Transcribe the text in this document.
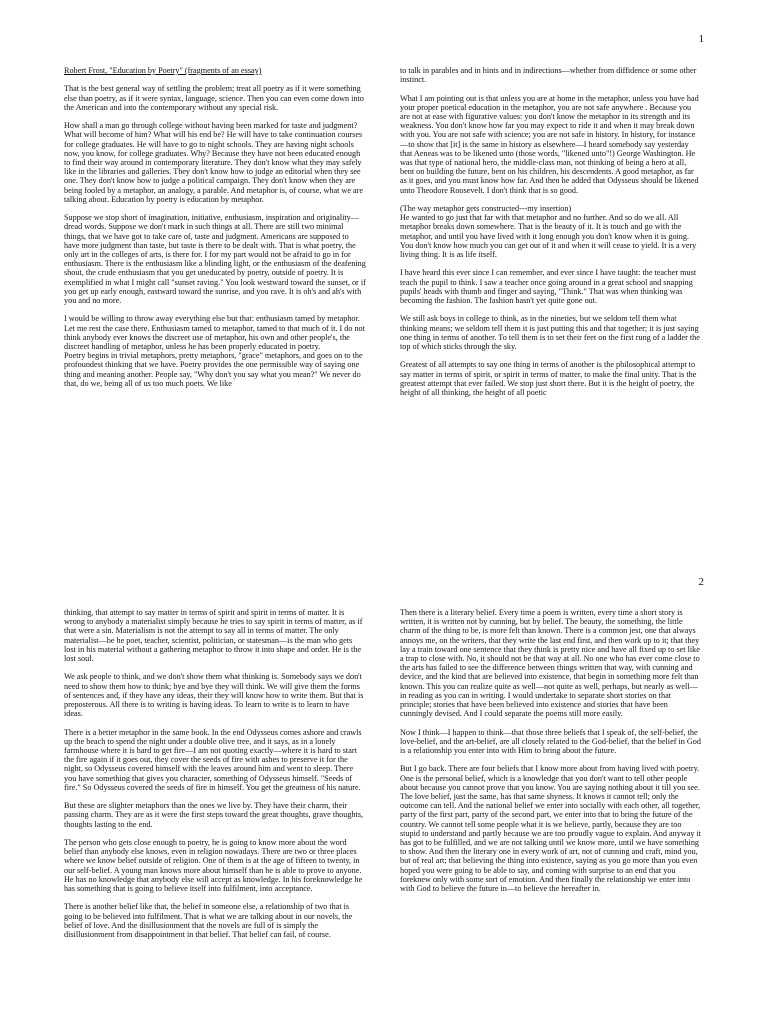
1

Robert Frost, "Education by Poetry" (fragments of an essay)

That is the best general way of settling the problem; treat all poetry as if it were something else than poetry, as if it were syntax, language, science. Then you can even come down into the American and into the contemporary without any special risk.

How shall a man go through college without having been marked for taste and judgment? What will become of him? What will his end be? He will have to take continuation courses for college graduates. He will have to go to night schools. They are having night schools now, you know, for college graduates. Why? Because they have not been educated enough to find their way around in contemporary literature. They don't know what they may safely like in the libraries and galleries. They don't know how to judge an editorial when they see one. They don't know how to judge a political campaign. They don't know when they are being fooled by a metaphor, an analogy, a parable. And metaphor is, of course, what we are talking about. Education by poetry is education by metaphor.

Suppose we stop short of imagination, initiative, enthusiasm, inspiration and originality—dread words. Suppose we don't mark in such things at all. There are still two minimal things, that we have got to take care of, taste and judgment. Americans are supposed to have more judgment than taste, but taste is there to be dealt with. That is what poetry, the only art in the colleges of arts, is there for. I for my part would not be afraid to go in for enthusiasm. There is the enthusiasm like a blinding light, or the enthusiasm of the deafening shout, the crude enthusiasm that you get uneducated by poetry, outside of poetry. It is exemplified in what I might call "sunset raving." You look westward toward the sunset, or if you get up early enough, eastward toward the sunrise, and you rave. It is oh's and ah's with you and no more.

I would be willing to throw away everything else but that: enthusiasm tamed by metaphor. Let me rest the case there. Enthusiasm tamed to metaphor, tamed to that much of it. I do not think anybody ever knows the discreet use of metaphor, his own and other people's, the discreet handling of metaphor, unless he has been properly educated in poetry.

Poetry begins in trivial metaphors, pretty metaphors, "grace" metaphors, and goes on to the profoundest thinking that we have. Poetry provides the one permissible way of saying one thing and meaning another. People say, "Why don't you say what you mean?" We never do that, do we, being all of us too much poets. We like

to talk in parables and in hints and in indirections—whether from diffidence or some other instinct.

What I am pointing out is that unless you are at home in the metaphor, unless you have had your proper poetical education in the metaphor, you are not safe anywhere . Because you are not at ease with figurative values: you don't know the metaphor in its strength and its weakness. You don't know how far you may expect to ride it and when it may break down with you. You are not safe with science; you are not safe in history. In history, for instance—to show that [it] is the same in history as elsewhere—I heard somebody say yesterday that Aeneas was to be likened unto (those words, "likened unto"!) George Washington. He was that type of national hero, the middle-class man, not thinking of being a hero at all, bent on building the future, bent on his children, his descendents. A good metaphor, as far as it goes, and you must know how far. And then he added that Odysseus should be likened unto Theodore Roosevelt. I don't think that is so good.

(The way metaphor gets constructed---my insertion)

He wanted to go just that far with that metaphor and no further. And so do we all. All metaphor breaks down somewhere. That is the beauty of it. It is touch and go with the metaphor, and until you have lived with it long enough you don't know when it is going. You don't know how much you can get out of it and when it will cease to yield. It is a very living thing. It is as life itself.

I have heard this ever since I can remember, and ever since I have taught: the teacher must teach the pupil to think. I saw a teacher once going around in a great school and snapping pupils' heads with thumb and finger and saying, "Think." That was when thinking was becoming the fashion. The fashion hasn't yet quite gone out.

We still ask boys in college to think, as in the nineties, but we seldom tell them what thinking means; we seldom tell them it is just putting this and that together; it is just saying one thing in terms of another. To tell them is to set their feet on the first rung of a ladder the top of which sticks through the sky.

Greatest of all attempts to say one thing in terms of another is the philosophical attempt to say matter in terms of spirit, or spirit in terms of matter, to make the final unity. That is the greatest attempt that ever failed. We stop just short there. But it is the height of poetry, the height of all thinking, the height of all poetic

2

thinking, that attempt to say matter in terms of spirit and spirit in terms of matter. It is wrong to anybody a materialist simply because he tries to say spirit in terms of matter, as if that were a sin. Materialism is not the attempt to say all in terms of matter. The only materialist—be he poet, teacher, scientist, politician, or statesman—is the man who gets lost in his material without a gathering metaphor to throw it into shape and order. He is the lost soul.

We ask people to think, and we don't show them what thinking is. Somebody says we don't need to show them how to think; bye and bye they will think. We will give them the forms of sentences and, if they have any ideas, their they will know how to write them. But that is preposterous. All there is to writing is having ideas. To learn to write is to learn to have ideas.

There is a better metaphor in the same book. In the end Odysseus comes ashore and crawls up the beach to spend the night under a double olive tree, and it says, as in a lonely farmhouse where it is hard to get fire—I am not quoting exactly—where it is hard to start the fire again if it goes out, they cover the seeds of fire with ashes to preserve it for the night, so Odysseus covered himself with the leaves around him and went to sleep. There you have something that gives you character, something of Odysseus himself. "Seeds of fire." So Odysseus covered the seeds of fire in himself. You get the greatness of his nature.

But these are slighter metaphors than the ones we live by. They have their charm, their passing charm. They are as it were the first steps toward the great thoughts, grave thoughts, thoughts lasting to the end.

The person who gets close enough to poetry, he is going to know more about the word belief than anybody else knows, even in religion nowadays. There are two or three places where we know belief outside of religion. One of them is at the age of fifteen to twenty, in our self-belief. A young man knows more about himself than he is able to prove to anyone. He has no knowledge that anybody else will accept as knowledge. In his foreknowledge he has something that is going to believe itself into fulfilment, into acceptance.

There is another belief like that, the belief in someone else, a relationship of two that is going to be believed into fulfilment. That is what we are talking about in our novels, the belief of love. And the disillusionment that the novels are full of is simply the disillusionment from disappointment in that belief. That belief can fail, of course.

Then there is a literary belief. Every time a poem is written, every time a short story is written, it is written not by cunning, but by belief. The beauty, the something, the little charm of the thing to be, is more felt than known. There is a common jest, one that always annoys me, on the writers, that they write the last end first, and then work up to it; that they lay a train toward one sentence that they think is pretty nice and have all fixed up to set like a trap to close with. No, it should not be that way at all. No one who has ever come close to the arts has failed to see the difference between things written that way, with cunning and device, and the kind that are believed into existence, that begin in something more felt than known. This you can realize quite as well—not quite as well, perhaps, but nearly as well—in reading as you can in writing. I would undertake to separate short stories on that principle; stories that have been believed into existence and stories that have been cunningly devised. And I could separate the poems still more easily.

Now I think—I happen to think—that those three beliefs that I speak of, the self-belief, the love-belief, and the art-belief, are all closely related to the God-belief, that the belief in God is a relationship you enter into with Him to bring about the future.

But I go back. There are four beliefs that I know more about from having lived with poetry. One is the personal belief, which is a knowledge that you don't want to tell other people about because you cannot prove that you know. You are saying nothing about it till you see. The love belief, just the same, has that same shyness. It knows it cannot tell; only the outcome can tell. And the national belief we enter into socially with each other, all together, party of the first part, party of the second part, we enter into that to bring the future of the country. We cannot tell some people what it is we believe, partly, because they are too stupid to understand and partly because we are too proudly vague to explain. And anyway it has got to be fulfilled, and we are not talking until we know more, until we have something to show. And then the literary one in every work of art, not of cunning and craft, mind you, but of real art; that believing the thing into existence, saying as you go more than you even hoped you were going to be able to say, and coming with surprise to an end that you foreknew only with some sort of emotion. And then finally the relationship we enter into with God to believe the future in—to believe the hereafter in.
